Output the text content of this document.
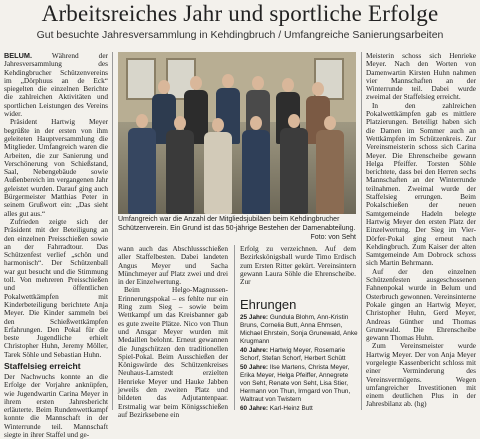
Arbeitsreiches Jahr und sportliche Erfolge
Gut besuchte Jahresversammlung in Kehdingbruch / Umfangreiche Sanierungsarbeiten

BELUM.	Während der Jahresversammlung des Kehdingbrucher Schützenvereins im „Dörphuus an de Eck“ spiegelten die einzelnen Berichte die zahlreichen Aktivitäten und sportlichen Leistungen des Vereins wider.

Präsident Hartwig Meyer begrüßte in der ersten von ihm geleiteten Hauptversammlung die Mitglieder. Umfangreich waren die Arbeiten, die zur Sanierung und Verschönerung von Schießstand, Saal, Nebengebäude sowie Außenbereich im vergangenen Jahr geleistet wurden. Darauf ging auch Bürgermeister Matthias Peter in seinem Grußwort ein: „Das sieht alles gut aus.“

Zufrieden zeigte sich der Präsident mit der Beteiligung an den einzelnen Preisschießen sowie an der Fahrradtour. Das Schützenfest verlief „schön und harmonisch“. Der Schützenball war gut besucht und die Stimmung toll. Von mehreren Preisschießen und öffentlichen Pokalwettkämpfen mit Kinderbeteiligung berichtete Anja Meyer. Die Kinder sammeln bei den Schießwettkämpfen Erfahrungen. Den Pokal für die beste Jugendliche erhielt Christopher Huhn, Jeremy Möller, Tarek Söhle und Sebastian Huhn.

Staffelsieg erreicht

Der Nachwuchs konnte an die Erfolge der Vorjahre anknüpfen, wie Jugendwartin Carina Meyer in ihrem ersten Jahresbericht erläuterte. Beim Rundenwettkampf konnte die Mannschaft in der Winterrunde teil. Mannschaft siegte in ihrer Staffel und ge-

Umfangreich war die Anzahl der Mitgliedsjubiläen beim Kehdingbrucher Schützenverein. Ein Grund ist das 50-jährige Bestehen der Damenabteilung.
Foto: von Seht

wann auch das Abschlussschießen aller Staffelbesten. Dabei landeten Angus Meyer und Sacha Münchmeyer auf Platz zwei und drei in der Einzelwertung.

Beim Helgo-Magnussen-Erinnerungspokal – es fehlte nur ein Ring zum Sieg – sowie beim Wettkampf um das Kreisbanner gab es gute zweite Plätze. Nico von Thun und Ansgar Meyer wurden mit Medaillen belohnt. Erneut gewannen die Jungschützen den traditionellen Spiel-Pokal. Beim Ausschießen der Königswürde des Schützenkreises Neuhaus-Lamstedt erzielten Henrieke Meyer und Hauke Jabben jeweils den zweiten Platz und bildeten das Adjutantenpaar. Erstmalig war beim Königsschießen auf Bezirksebene ein

Erfolg zu verzeichnen. Auf dem Bezirkskönigsball wurde Timo Erdisch zum Ersten Ritter gekürt. Vereinsintern gewann Laura Söhle die Ehrenscheibe. Zur

Ehrungen
25 Jahre: Gundula Blohm, Ann-Kristin Bruns, Cornelia Butt, Anna Ehmsen, Michael Ehrstein, Sonja Grunewald, Anke Krugmann
40 Jahre: Hartwig Meyer, Rosemarie Schorf, Stefan Schorf, Herbert Schütt
50 Jahre: Ilse Martens, Christa Meyer, Erika Meyer, Helga Pfeiffer, Annegrete von Seht, Renate von Seht, Lisa Stier, Hermann von Thun, Irmgard von Thun, Waltraut von Twistern
60 Jahre: Karl-Heinz Butt

Meisterin schoss sich Henrieke Meyer. Nach den Worten von Damenwartin Kirsten Huhn nahmen vier Mannschaften an der Winterrunde teil. Dabei wurde zweimal der Staffelsieg erreicht.

In den zahlreichen Pokalwettkämpfen gab es mittlere Platzierungen. Beteiligt haben sich die Damen im Sommer auch an Wettkämpfen im Schützenkreis. Zur Vereinsmeisterin schoss sich Carina Meyer. Die Ehrenscheibe gewann Helga Pfeiffer. Torsten Söhle berichtete, dass bei den Herren sechs Mannschaften an der Winterrunde teilnahmen. Zweimal wurde der Staffelsieg errungen. Beim Pokalschießen der neuen Samtgemeinde Hadeln belegte Hartwig Meyer den ersten Platz der Einzelwertung. Der Sieg im Vier-Dörfer-Pokal ging erneut nach Kehdingbruch. Zum Kaiser der alten Samtgemeinde Am Dobrock schoss sich Martin Behrmann.

Auf der den einzelnen Schützenfesten ausgeschossenen Fahnenpokal wurde in Belum und Osterbruch gewonnen. Vereinsinterne Pokale gingen an Hartwig Meyer, Christopher Huhn, Gerd Meyer, Andreas Günther und Thomas Grunewald. Die Ehrenscheibe gewann Thomas Huhn.

Zum Vereinsmeister wurde Hartwig Meyer. Der von Anja Meyer vorgelegte Kassenbericht schloss mit einer Verminderung des Vereinsvermögens. Wegen umfangreicher Investitionen mit einem deutlichen Plus in der Jahresbilanz ab. (hg)
